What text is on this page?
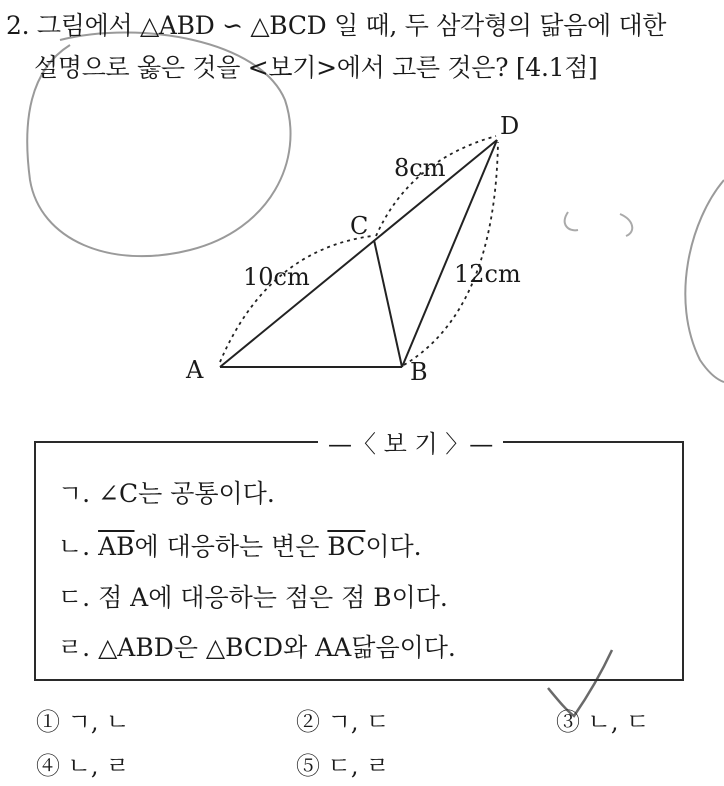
A	B
C
D
10cm
8cm
12cm
2. 그림에서 △ABD ∽ △BCD 일 때, 두 삼각형의 닮음에 대한
설명으로 옳은 것을 <보기>에서 고른 것은? [4.1점]
—〈 보 기 〉—
ㄱ. ∠C는 공통이다.
ㄴ. $\overline{AB}$에 대응하는 변은 $\overline{BC}$이다.
ㄷ. 점 A에 대응하는 점은 점 B이다.
ㄹ. △ABD은 △BCD와 AA닮음이다.
① ㄱ, ㄴ	② ㄱ, ㄷ	③ ㄴ, ㄷ
④ ㄴ, ㄹ	⑤ ㄷ, ㄹ
